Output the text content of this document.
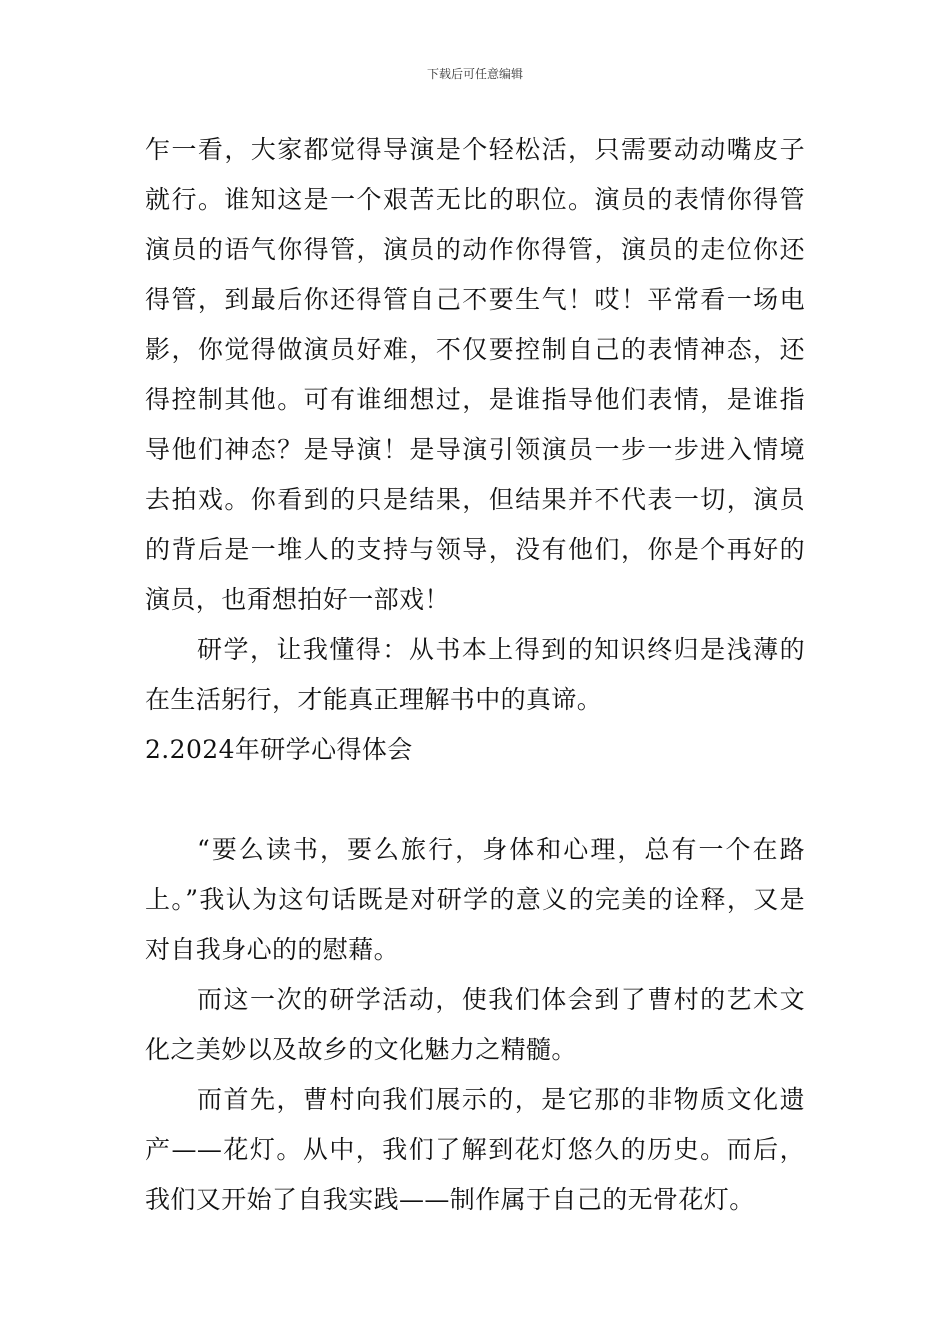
下载后可任意编辑

乍一看，大家都觉得导演是个轻松活，只需要动动嘴皮子就行。谁知这是一个艰苦无比的职位。演员的表情你得管演员的语气你得管，演员的动作你得管，演员的走位你还得管，到最后你还得管自己不要生气！哎！平常看一场电影，你觉得做演员好难，不仅要控制自己的表情神态，还得控制其他。可有谁细想过，是谁指导他们表情，是谁指导他们神态？是导演！是导演引领演员一步一步进入情境去拍戏。你看到的只是结果，但结果并不代表一切，演员的背后是一堆人的支持与领导，没有他们，你是个再好的演员，也甭想拍好一部戏！

研学，让我懂得：从书本上得到的知识终归是浅薄的在生活躬行，才能真正理解书中的真谛。

2.2024年研学心得体会

“要么读书，要么旅行，身体和心理，总有一个在路上。”我认为这句话既是对研学的意义的完美的诠释，又是对自我身心的的慰藉。

而这一次的研学活动，使我们体会到了曹村的艺术文化之美妙以及故乡的文化魅力之精髓。

而首先，曹村向我们展示的，是它那的非物质文化遗产——花灯。从中，我们了解到花灯悠久的历史。而后，我们又开始了自我实践——制作属于自己的无骨花灯。
